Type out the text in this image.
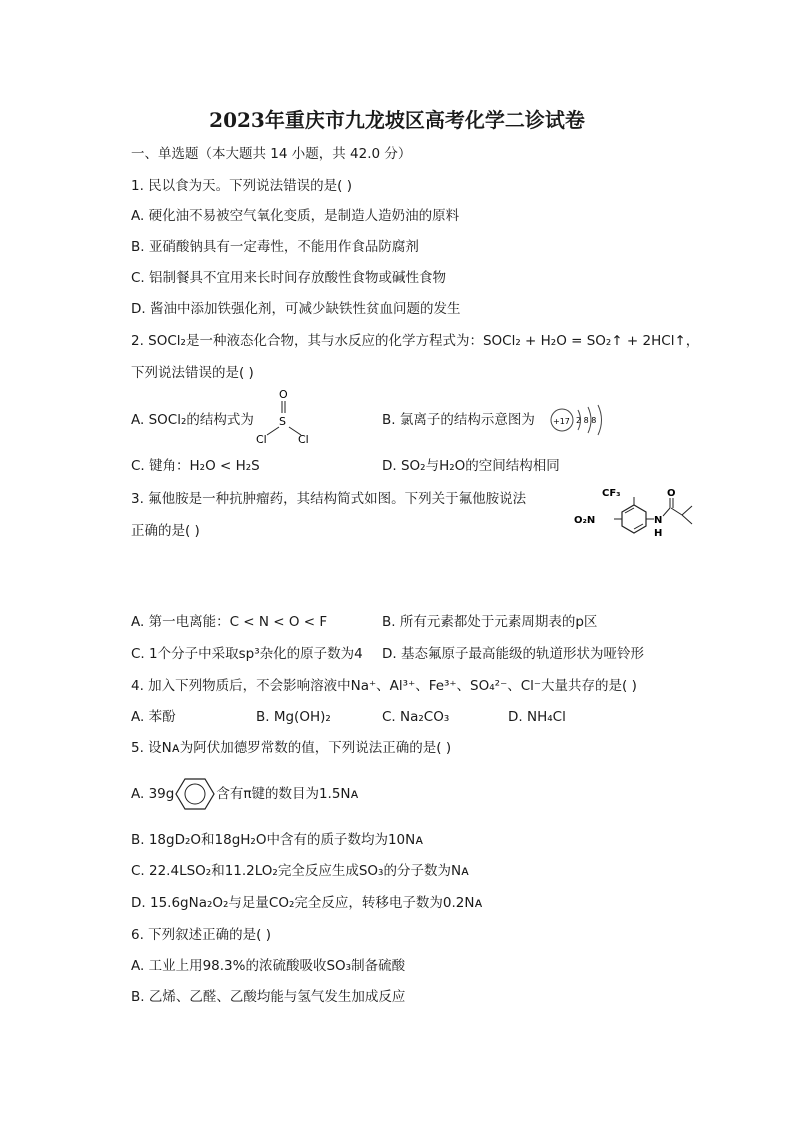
2023年重庆市九龙坡区高考化学二诊试卷
一、单选题（本大题共 14 小题，共 42.0 分）
1. 民以食为天。下列说法错误的是( )
A. 硬化油不易被空气氧化变质，是制造人造奶油的原料
B. 亚硝酸钠具有一定毒性，不能用作食品防腐剂
C. 铝制餐具不宜用来长时间存放酸性食物或碱性食物
D. 酱油中添加铁强化剂，可减少缺铁性贫血问题的发生
2. SOCl₂是一种液态化合物，其与水反应的化学方程式为：SOCl₂ + H₂O = SO₂↑ + 2HCl↑，
下列说法错误的是( )
A. SOCl₂的结构式为
O
S
Cl	Cl
B. 氯离子的结构示意图为 +17 2 8 8
C. 键角：H₂O < H₂S	D. SO₂与H₂O的空间结构相同
3. 氟他胺是一种抗肿瘤药，其结构简式如图。下列关于氟他胺说法
正确的是( )
CF₃
O₂N	N
H
O
A. 第一电离能：C < N < O < F	B. 所有元素都处于元素周期表的p区
C. 1个分子中采取sp³杂化的原子数为4 D. 基态氟原子最高能级的轨道形状为哑铃形
4. 加入下列物质后，不会影响溶液中Na⁺、Al³⁺、Fe³⁺、SO₄²⁻、Cl⁻大量共存的是( )
A. 苯酚	B. Mg(OH)₂	C. Na₂CO₃	D. NH₄Cl
5. 设Nᴀ为阿伏加德罗常数的值，下列说法正确的是( )
A. 39g	含有π键的数目为1.5Nᴀ
B. 18gD₂O和18gH₂O中含有的质子数均为10Nᴀ
C. 22.4LSO₂和11.2LO₂完全反应生成SO₃的分子数为Nᴀ
D. 15.6gNa₂O₂与足量CO₂完全反应，转移电子数为0.2Nᴀ
6. 下列叙述正确的是( )
A. 工业上用98.3%的浓硫酸吸收SO₃制备硫酸
B. 乙烯、乙醛、乙酸均能与氢气发生加成反应
